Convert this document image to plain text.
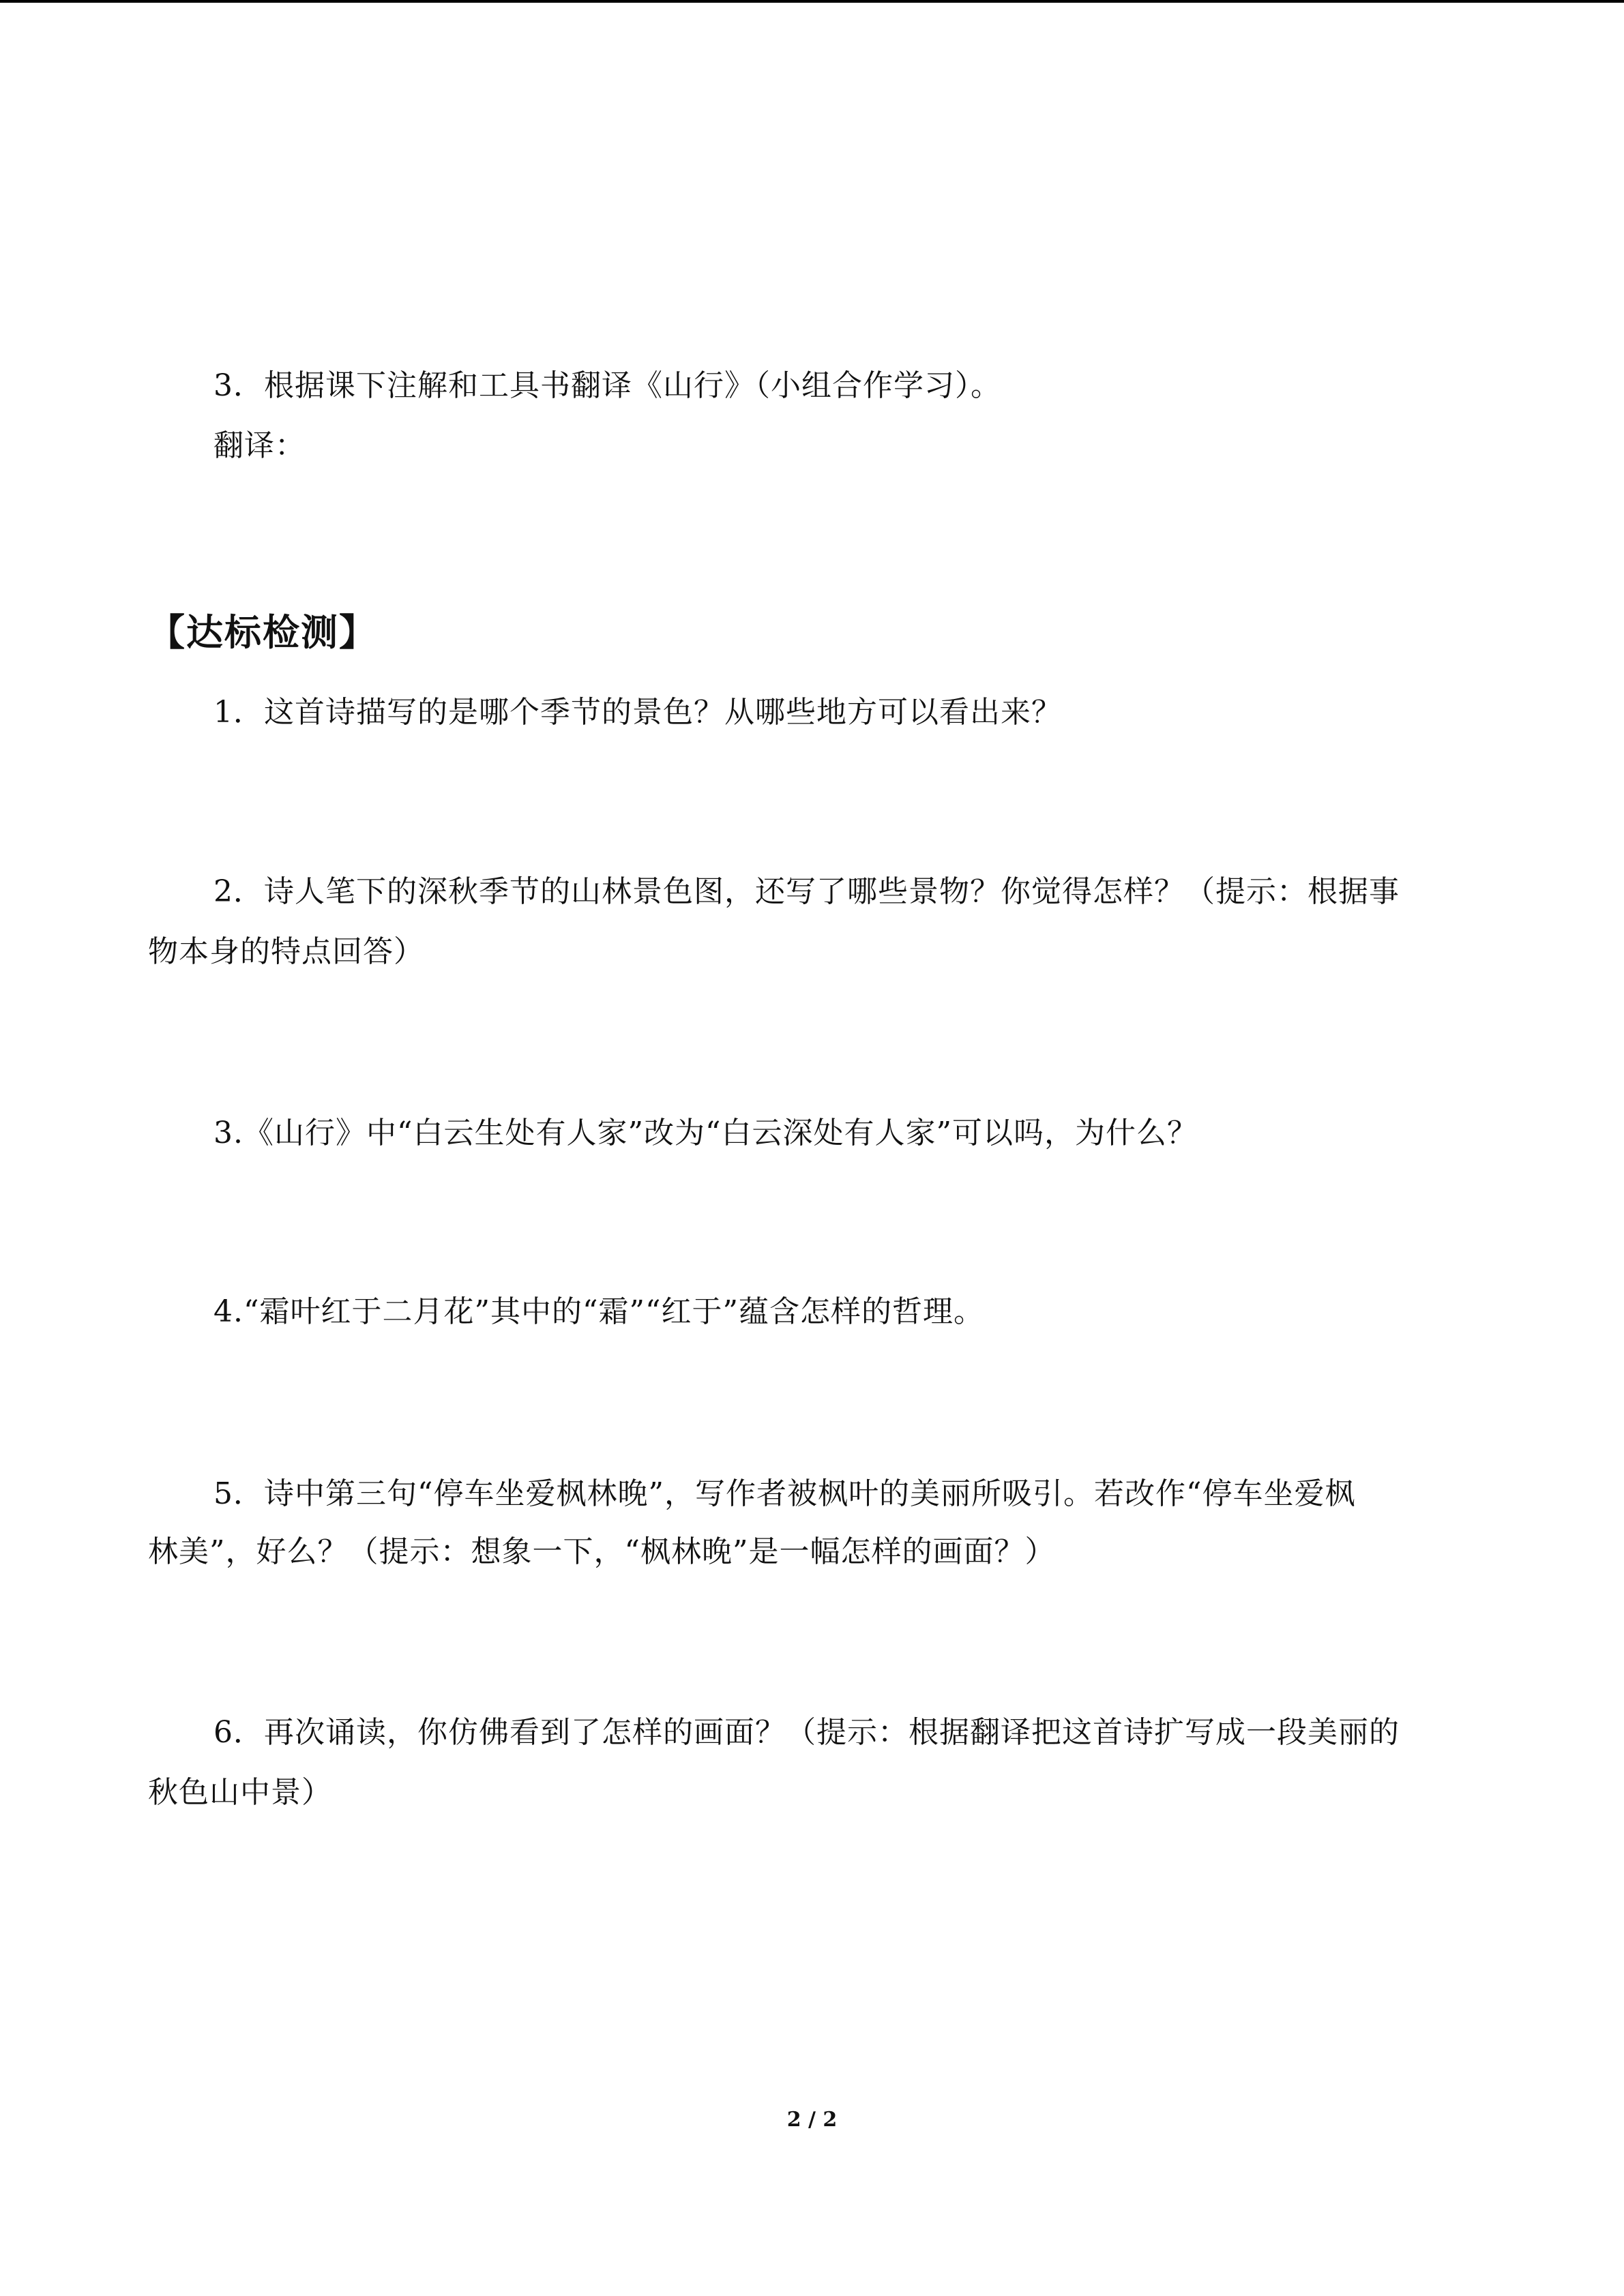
3．根据课下注解和工具书翻译《山行》（小组合作学习）。

翻译：

【达标检测】

1．这首诗描写的是哪个季节的景色？从哪些地方可以看出来？

2．诗人笔下的深秋季节的山林景色图，还写了哪些景物？你觉得怎样？（提示：根据事

物本身的特点回答）

3.《山行》中“白云生处有人家”改为“白云深处有人家”可以吗，为什么？

4.“霜叶红于二月花”其中的“霜”“红于”蕴含怎样的哲理。

5．诗中第三句“停车坐爱枫林晚”，写作者被枫叶的美丽所吸引。若改作“停车坐爱枫

林美”，好么？（提示：想象一下，“枫林晚”是一幅怎样的画面？）

6．再次诵读，你仿佛看到了怎样的画面？（提示：根据翻译把这首诗扩写成一段美丽的

秋色山中景）

2 / 2
